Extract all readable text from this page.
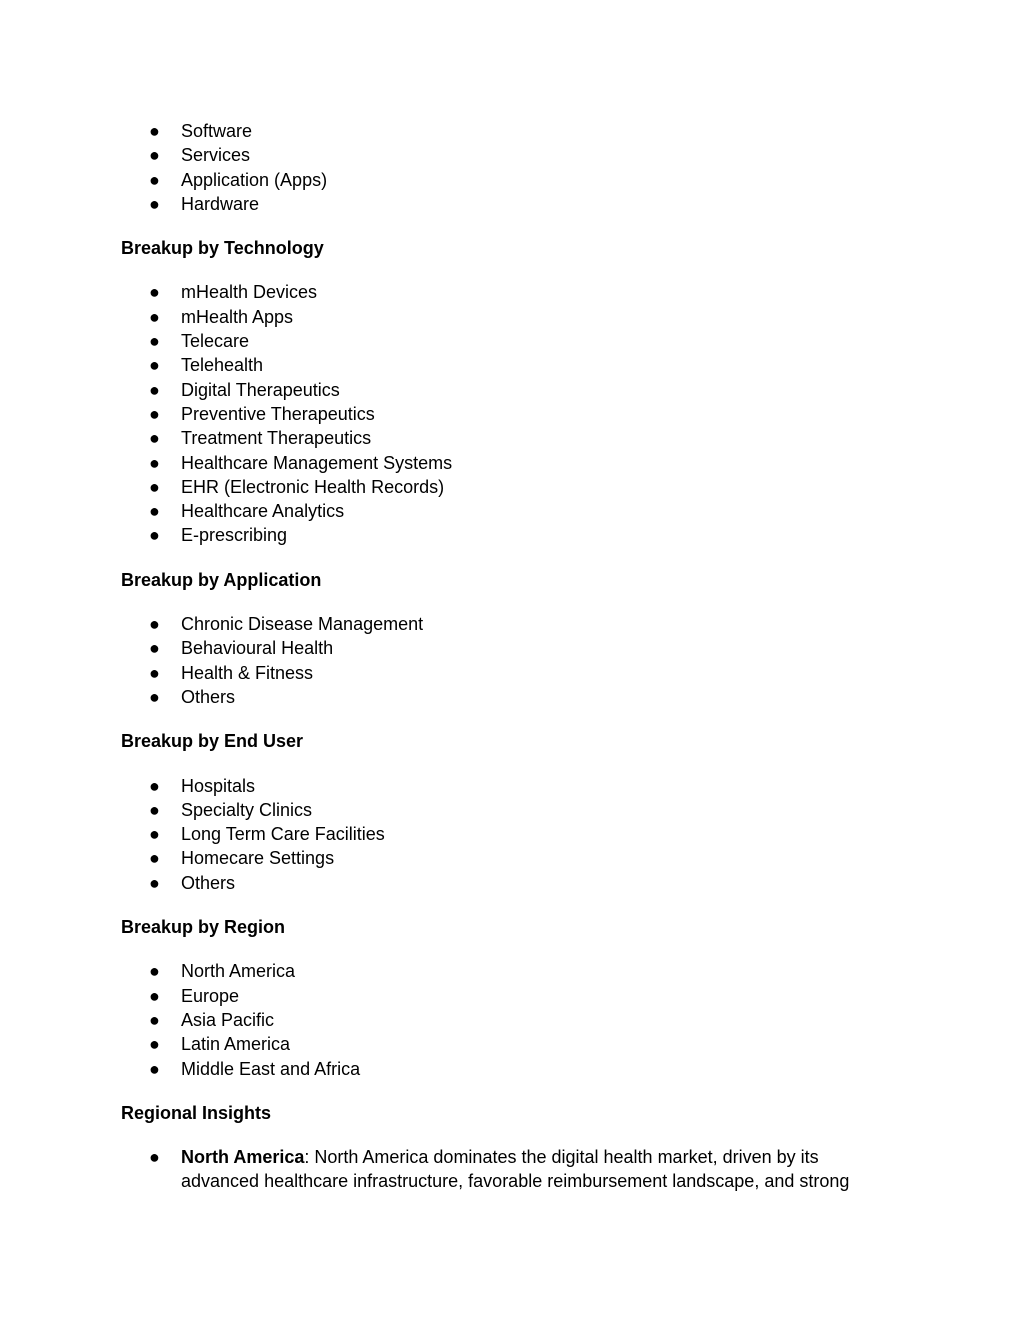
● Software
● Services
● Application (Apps)
● Hardware
Breakup by Technology
● mHealth Devices
● mHealth Apps
● Telecare
● Telehealth
● Digital Therapeutics
● Preventive Therapeutics
● Treatment Therapeutics
● Healthcare Management Systems
● EHR (Electronic Health Records)
● Healthcare Analytics
● E-prescribing
Breakup by Application
● Chronic Disease Management
● Behavioural Health
● Health & Fitness
● Others
Breakup by End User
● Hospitals
● Specialty Clinics
● Long Term Care Facilities
● Homecare Settings
● Others
Breakup by Region
● North America
● Europe
● Asia Pacific
● Latin America
● Middle East and Africa
Regional Insights
● North America: North America dominates the digital health market, driven by its advanced healthcare infrastructure, favorable reimbursement landscape, and strong
